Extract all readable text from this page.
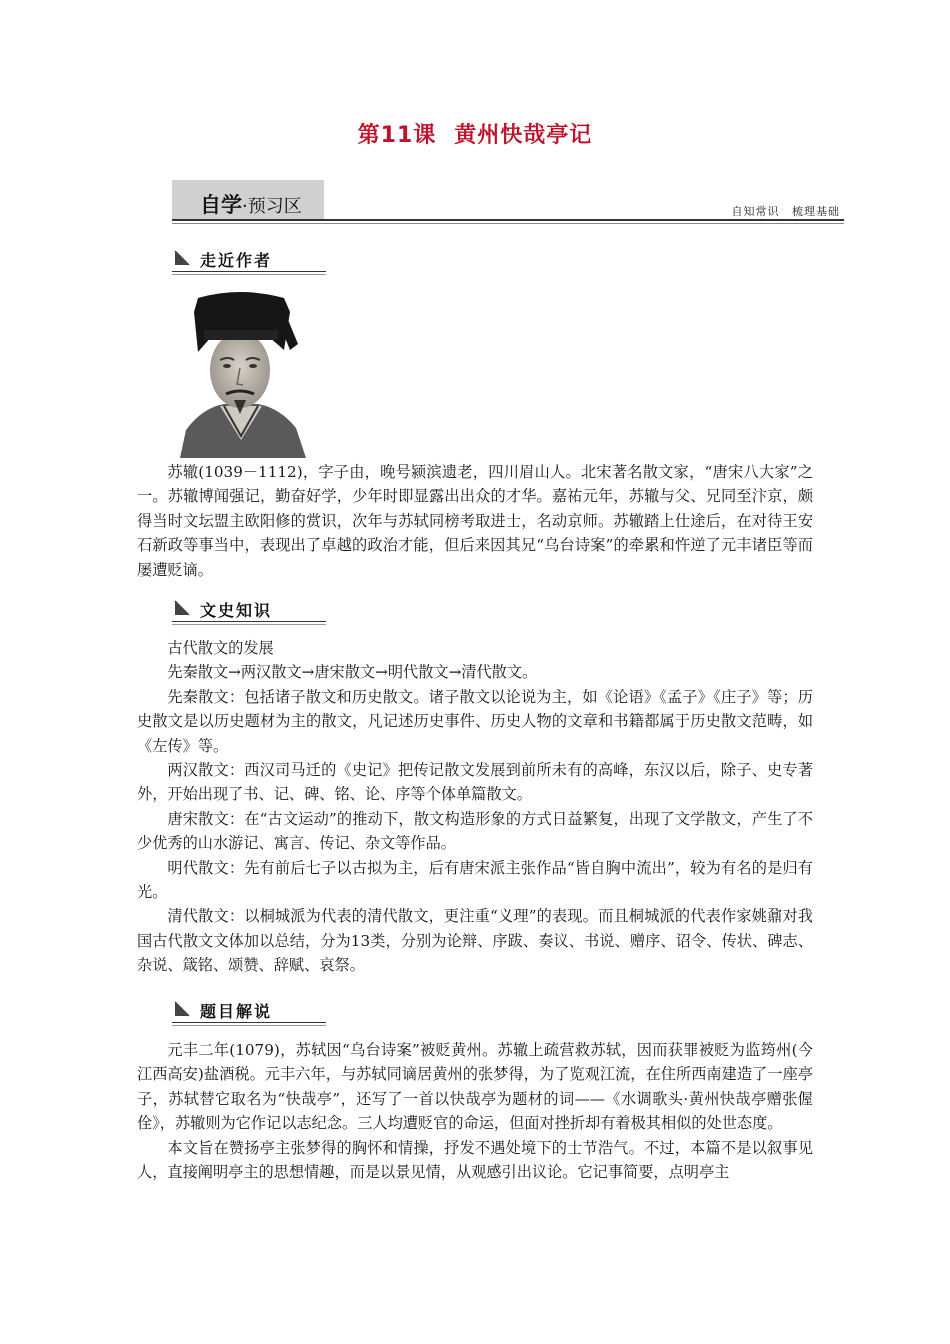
第11课 黄州快哉亭记
自学·预习区	自知常识 梳理基础
走近作者

苏辙(1039－1112)，字子由，晚号颍滨遗老，四川眉山人。北宋著名散文家，“唐宋八大家”之一。苏辙博闻强记，勤奋好学，少年时即显露出出众的才华。嘉祐元年，苏辙与父、兄同至汴京，颇得当时文坛盟主欧阳修的赏识，次年与苏轼同榜考取进士，名动京师。苏辙踏上仕途后，在对待王安石新政等事当中，表现出了卓越的政治才能，但后来因其兄“乌台诗案”的牵累和忤逆了元丰诸臣等而屡遭贬谪。

文史知识

古代散文的发展

先秦散文→两汉散文→唐宋散文→明代散文→清代散文。

先秦散文：包括诸子散文和历史散文。诸子散文以论说为主，如《论语》《孟子》《庄子》等；历史散文是以历史题材为主的散文，凡记述历史事件、历史人物的文章和书籍都属于历史散文范畴，如《左传》等。

两汉散文：西汉司马迁的《史记》把传记散文发展到前所未有的高峰，东汉以后，除子、史专著外，开始出现了书、记、碑、铭、论、序等个体单篇散文。

唐宋散文：在“古文运动”的推动下，散文构造形象的方式日益繁复，出现了文学散文，产生了不少优秀的山水游记、寓言、传记、杂文等作品。

明代散文：先有前后七子以古拟为主，后有唐宋派主张作品“皆自胸中流出”，较为有名的是归有光。

清代散文：以桐城派为代表的清代散文，更注重“义理”的表现。而且桐城派的代表作家姚鼐对我国古代散文文体加以总结，分为13类，分别为论辩、序跋、奏议、书说、赠序、诏令、传状、碑志、杂说、箴铭、颂赞、辞赋、哀祭。

题目解说

元丰二年(1079)，苏轼因“乌台诗案”被贬黄州。苏辙上疏营救苏轼，因而获罪被贬为监筠州(今江西高安)盐酒税。元丰六年，与苏轼同谪居黄州的张梦得，为了览观江流，在住所西南建造了一座亭子，苏轼替它取名为“快哉亭”，还写了一首以快哉亭为题材的词——《水调歌头·黄州快哉亭赠张偓佺》，苏辙则为它作记以志纪念。三人均遭贬官的命运，但面对挫折却有着极其相似的处世态度。

本文旨在赞扬亭主张梦得的胸怀和情操，抒发不遇处境下的士节浩气。不过，本篇不是以叙事见人，直接阐明亭主的思想情趣，而是以景见情，从观感引出议论。它记事简要，点明亭主
